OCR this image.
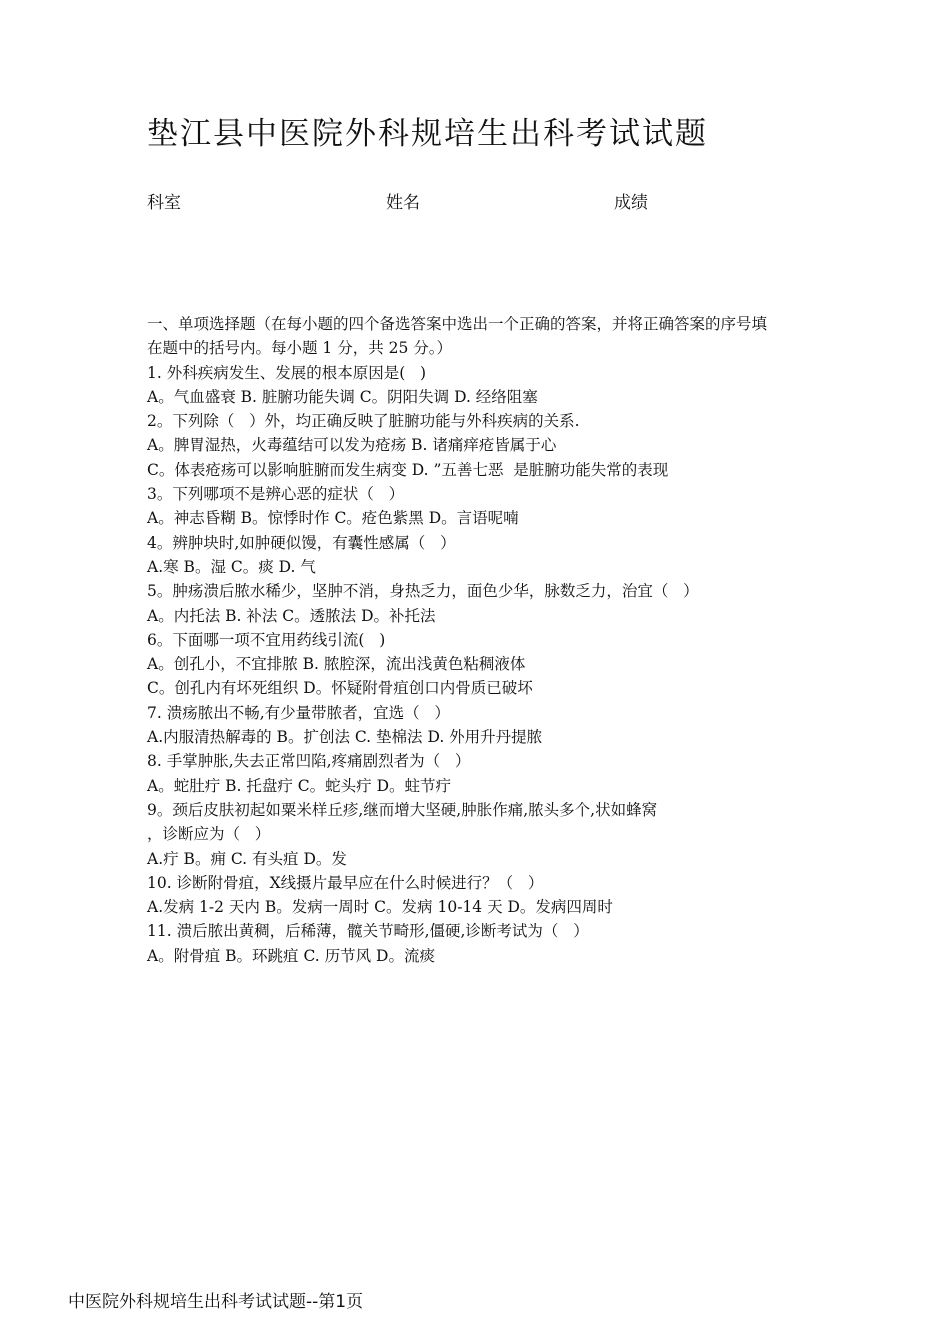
垫江县中医院外科规培生出科考试试题
科室	姓名	成绩

一、单项选择题（在每小题的四个备选答案中选出一个正确的答案，并将正确答案的序号填

在题中的括号内。每小题 1 分，共 25 分。）

1. 外科疾病发生、发展的根本原因是(   )

A。气血盛衰 B. 脏腑功能失调 C。阴阳失调 D. 经络阻塞

2。下列除（   ）外，均正确反映了脏腑功能与外科疾病的关系.

A。脾胃湿热，火毒蕴结可以发为疮疡 B. 诸痛痒疮皆属于心

C。体表疮疡可以影响脏腑而发生病变 D. ”五善七恶  是脏腑功能失常的表现

3。下列哪项不是辨心恶的症状（   ）

A。神志昏糊 B。惊悸时作 C。疮色紫黑 D。言语呢喃

4。辨肿块时,如肿硬似馒，有囊性感属（   ）

A.寒 B。湿 C。痰 D. 气

5。肿疡溃后脓水稀少，坚肿不消，身热乏力，面色少华，脉数乏力，治宜（   ）

A。内托法 B. 补法 C。透脓法 D。补托法

6。下面哪一项不宜用药线引流(   )

A。创孔小，不宜排脓 B. 脓腔深，流出浅黄色粘稠液体

C。创孔内有坏死组织 D。怀疑附骨疽创口内骨质已破坏

7. 溃疡脓出不畅,有少量带脓者，宜选（   ）

A.内服清热解毒的 B。扩创法 C. 垫棉法 D. 外用升丹提脓

8. 手掌肿胀,失去正常凹陷,疼痛剧烈者为（   ）

A。蛇肚疔 B. 托盘疔 C。蛇头疔 D。蛀节疔

9。颈后皮肤初起如粟米样丘疹,继而增大坚硬,肿胀作痛,脓头多个,状如蜂窝

，诊断应为（   ）

A.疔 B。痈 C. 有头疽 D。发

10. 诊断附骨疽，X线摄片最早应在什么时候进行？（   ）

A.发病 1-2 天内 B。发病一周时 C。发病 10-14 天 D。发病四周时

11. 溃后脓出黄稠，后稀薄，髋关节畸形,僵硬,诊断考试为（   ）

A。附骨疽 B。环跳疽 C. 历节风 D。流痰

中医院外科规培生出科考试试题--第1页
